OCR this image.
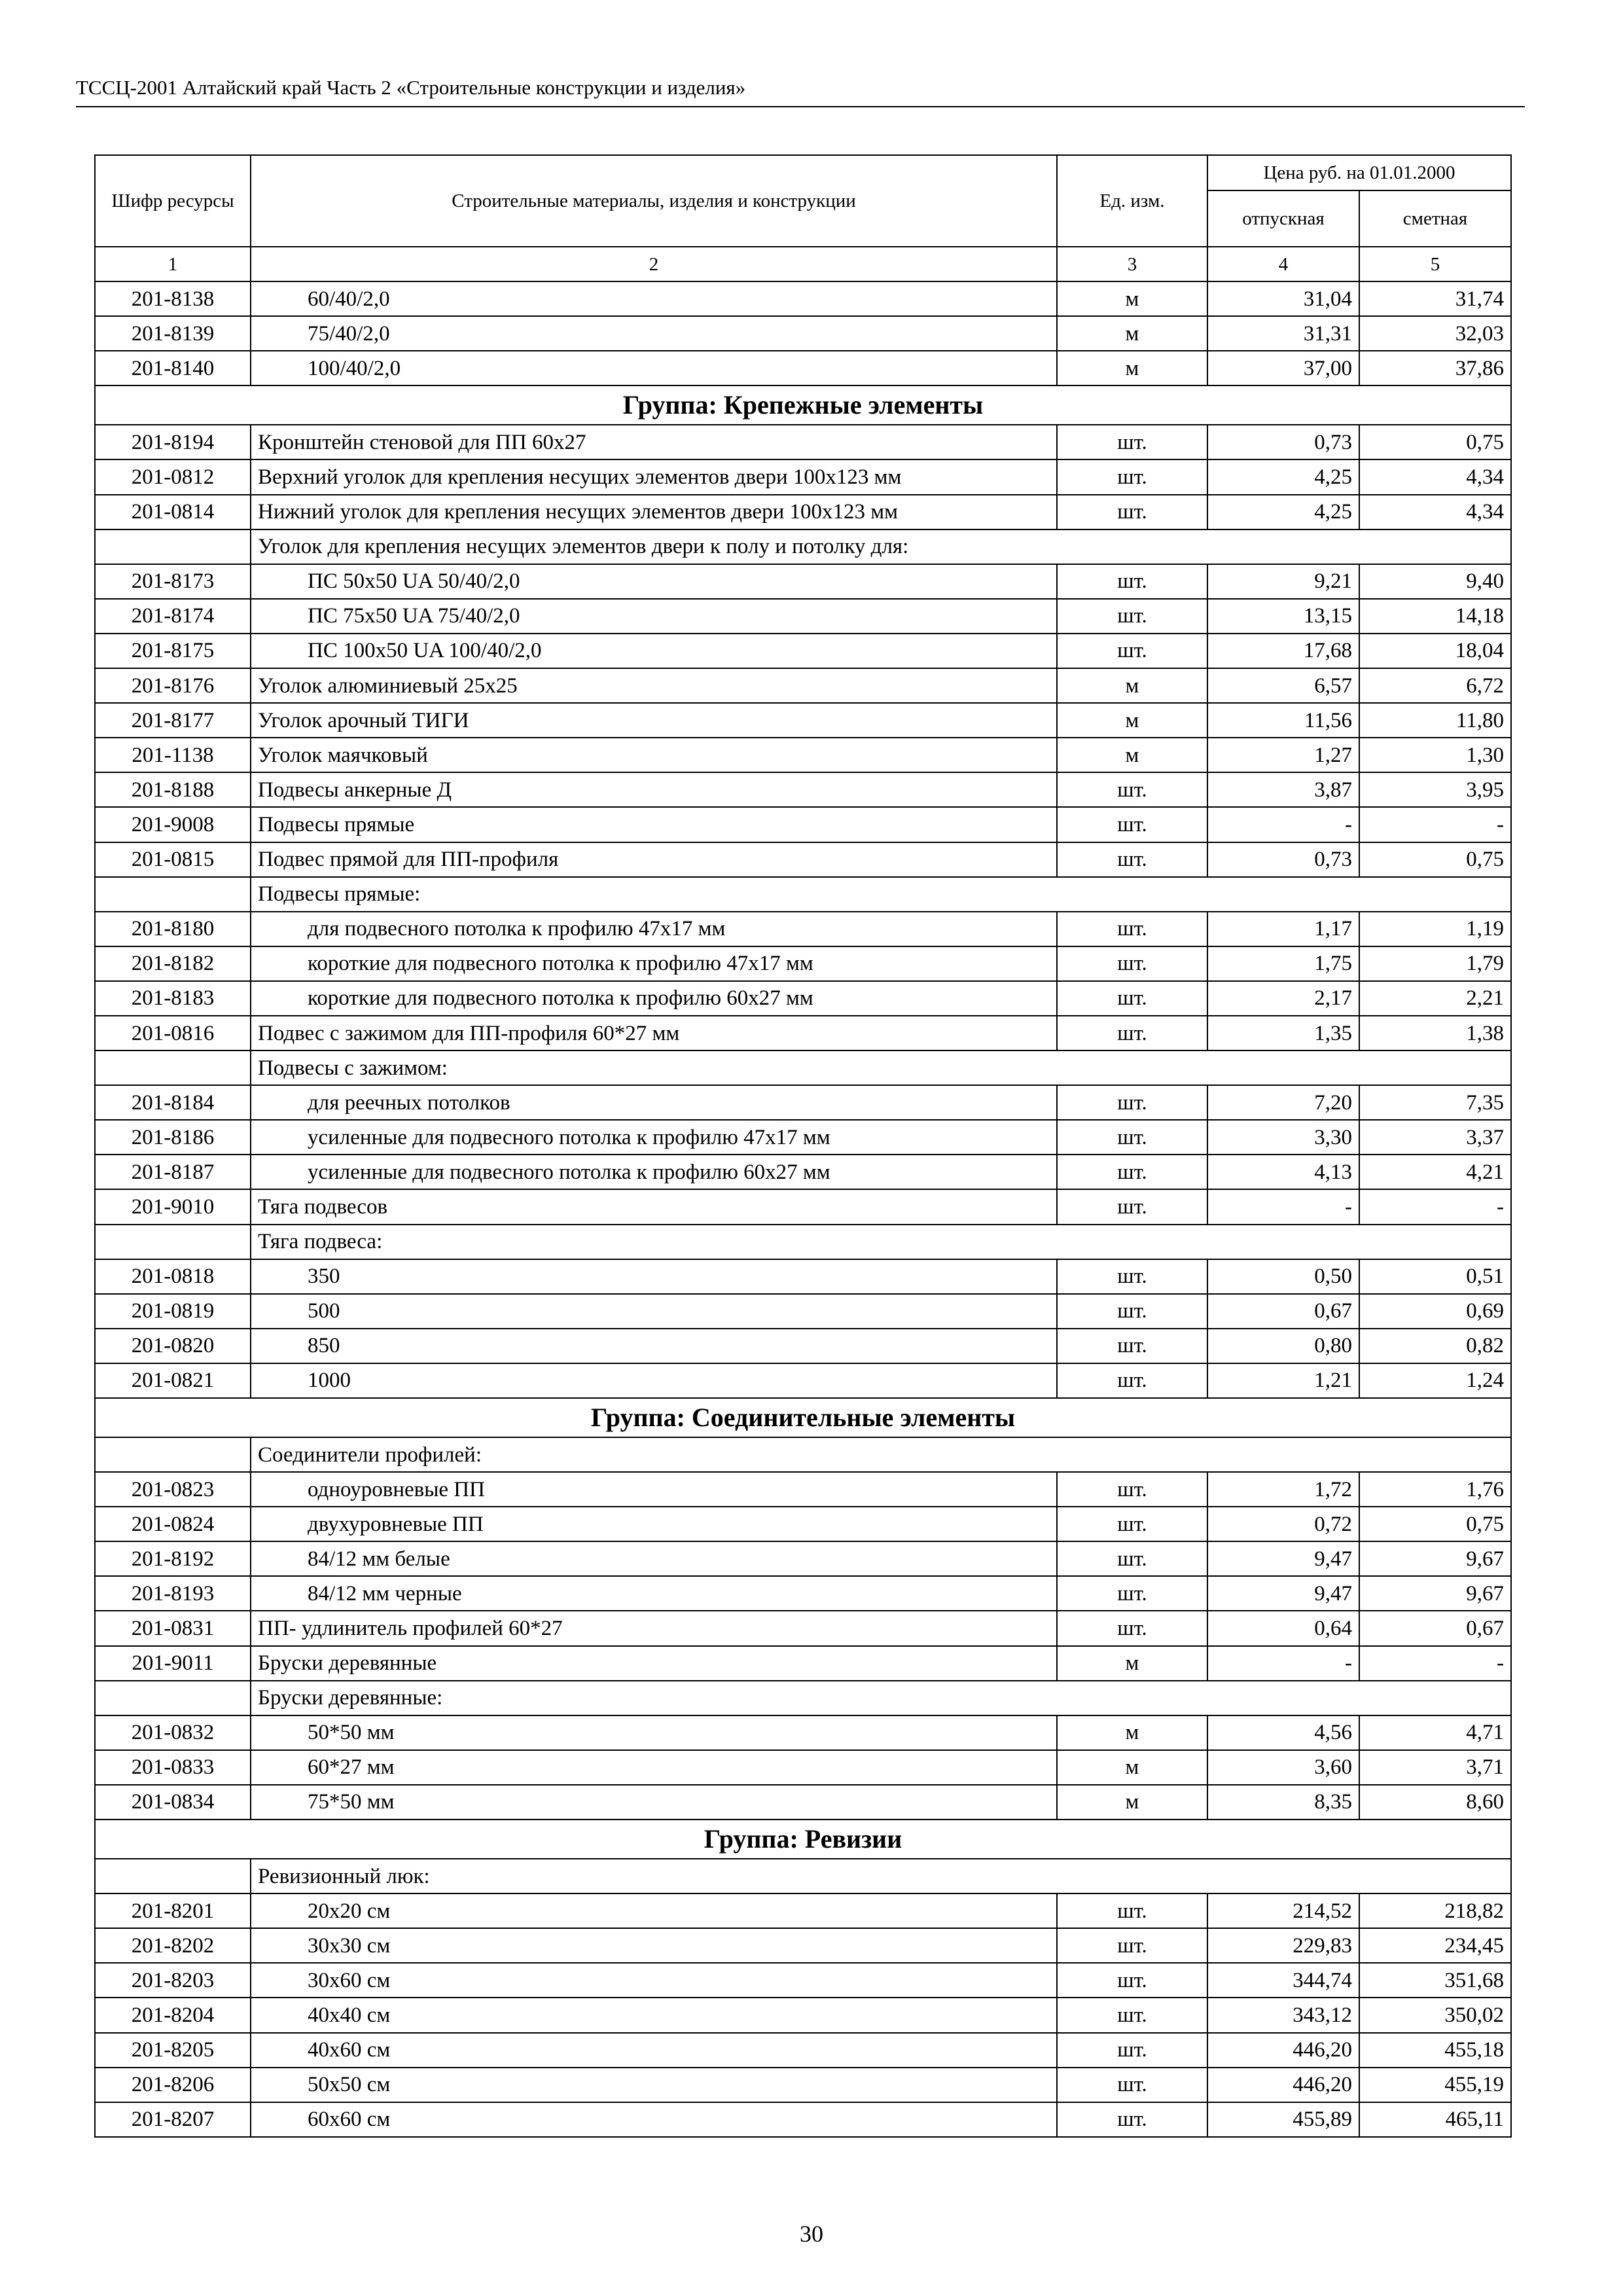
ТССЦ-2001 Алтайский край Часть 2 «Строительные конструкции и изделия»
Шифр ресурсы	Строительные материалы, изделия и конструкции	Ед. изм.	Цена руб. на 01.01.2000	
			отпускная	сметная
1	2	3	4	5
201-8138	60/40/2,0	м	31,04	31,74
201-8139	75/40/2,0	м	31,31	32,03
201-8140	100/40/2,0	м	37,00	37,86
Группа: Крепежные элементы				
201-8194	Кронштейн стеновой для ПП 60х27	шт.	0,73	0,75
201-0812	Верхний уголок для крепления несущих элементов двери 100х123 мм	шт.	4,25	4,34
201-0814	Нижний уголок для крепления несущих элементов двери 100х123 мм	шт.	4,25	4,34
	Уголок для крепления несущих элементов двери к полу и потолку для:			
201-8173	ПС 50х50 UA 50/40/2,0	шт.	9,21	9,40
201-8174	ПС 75х50 UA 75/40/2,0	шт.	13,15	14,18
201-8175	ПС 100х50 UA 100/40/2,0	шт.	17,68	18,04
201-8176	Уголок алюминиевый 25х25	м	6,57	6,72
201-8177	Уголок арочный ТИГИ	м	11,56	11,80
201-1138	Уголок маячковый	м	1,27	1,30
201-8188	Подвесы анкерные Д	шт.	3,87	3,95
201-9008	Подвесы прямые	шт.	-	-
201-0815	Подвес прямой для ПП-профиля	шт.	0,73	0,75
	Подвесы прямые:			
201-8180	для подвесного потолка к профилю 47х17 мм	шт.	1,17	1,19
201-8182	короткие для подвесного потолка к профилю 47х17 мм	шт.	1,75	1,79
201-8183	короткие для подвесного потолка к профилю 60х27 мм	шт.	2,17	2,21
201-0816	Подвес с зажимом для ПП-профиля 60*27 мм	шт.	1,35	1,38
	Подвесы с зажимом:			
201-8184	для реечных потолков	шт.	7,20	7,35
201-8186	усиленные для подвесного потолка к профилю 47х17 мм	шт.	3,30	3,37
201-8187	усиленные для подвесного потолка к профилю 60х27 мм	шт.	4,13	4,21
201-9010	Тяга подвесов	шт.	-	-
	Тяга подвеса:			
201-0818	350	шт.	0,50	0,51
201-0819	500	шт.	0,67	0,69
201-0820	850	шт.	0,80	0,82
201-0821	1000	шт.	1,21	1,24
Группа: Соединительные элементы				
	Соединители профилей:			
201-0823	одноуровневые ПП	шт.	1,72	1,76
201-0824	двухуровневые ПП	шт.	0,72	0,75
201-8192	84/12 мм белые	шт.	9,47	9,67
201-8193	84/12 мм черные	шт.	9,47	9,67
201-0831	ПП- удлинитель профилей 60*27	шт.	0,64	0,67
201-9011	Бруски деревянные	м	-	-
	Бруски деревянные:			
201-0832	50*50 мм	м	4,56	4,71
201-0833	60*27 мм	м	3,60	3,71
201-0834	75*50 мм	м	8,35	8,60
Группа: Ревизии				
	Ревизионный люк:			
201-8201	20х20 см	шт.	214,52	218,82
201-8202	30х30 см	шт.	229,83	234,45
201-8203	30х60 см	шт.	344,74	351,68
201-8204	40х40 см	шт.	343,12	350,02
201-8205	40х60 см	шт.	446,20	455,18
201-8206	50х50 см	шт.	446,20	455,19
201-8207	60х60 см	шт.	455,89	465,11
30
